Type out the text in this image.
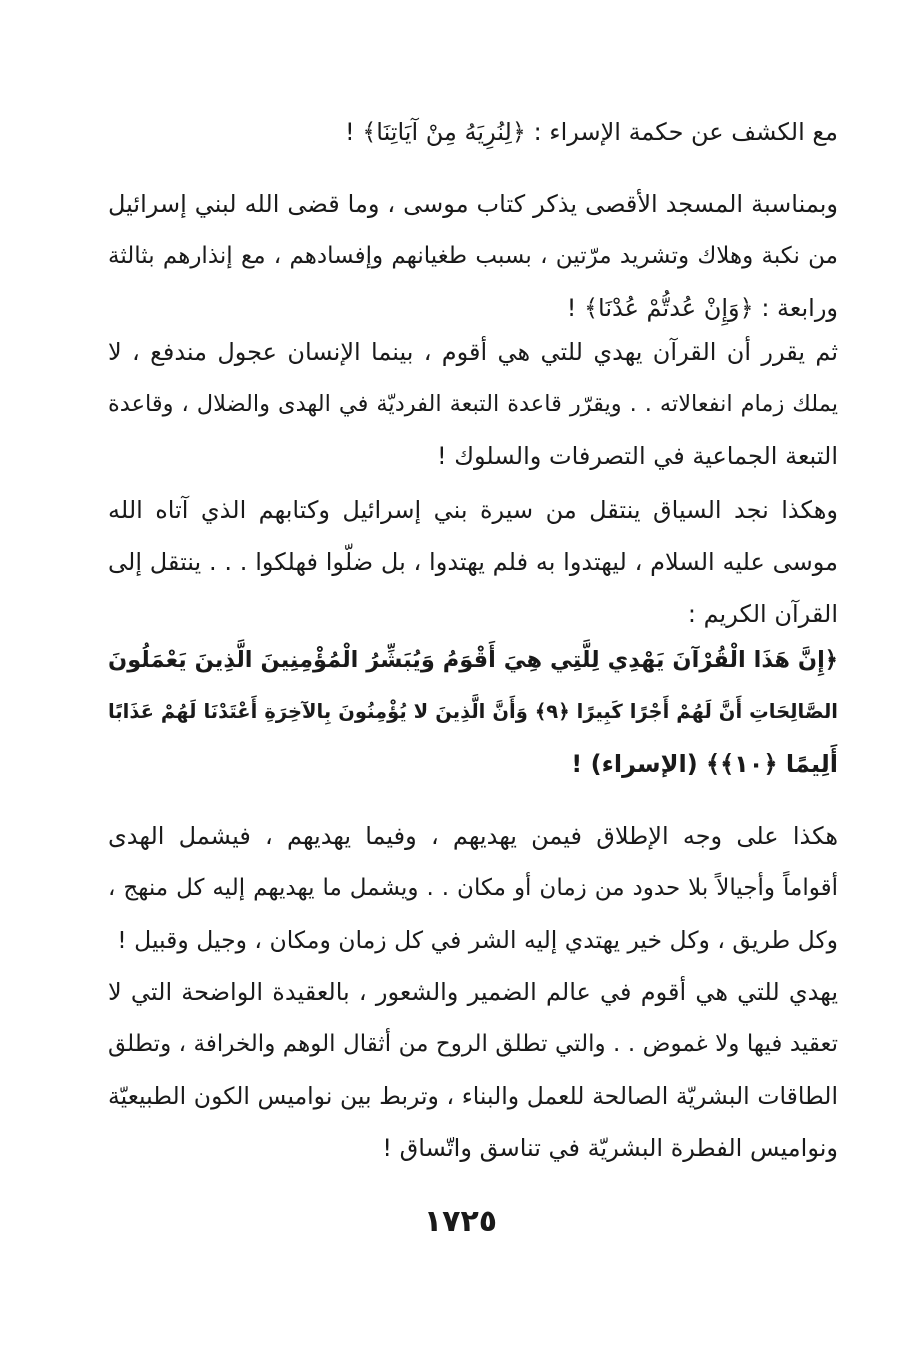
مع الكشف عن حكمة الإسراء : ﴿لِنُرِيَهُ مِنْ آيَاتِنَا﴾ !
وبمناسبة المسجد الأقصى يذكر كتاب موسى ، وما قضى الله لبني إسرائيل
من نكبة وهلاك وتشريد مرّتين ، بسبب طغيانهم وإفسادهم ، مع إنذارهم بثالثة
ورابعة : ﴿وَإِنْ عُدتُّمْ عُدْنَا﴾ !
ثم يقرر أن القرآن يهدي للتي هي أقوم ، بينما الإنسان عجول مندفع ، لا
يملك زمام انفعالاته . . ويقرّر قاعدة التبعة الفرديّة في الهدى والضلال ، وقاعدة
التبعة الجماعية في التصرفات والسلوك !
وهكذا نجد السياق ينتقل من سيرة بني إسرائيل وكتابهم الذي آتاه الله
موسى عليه السلام ، ليهتدوا به فلم يهتدوا ، بل ضلّوا فهلكوا . . . ينتقل إلى
القرآن الكريم :
﴿إِنَّ هَذَا الْقُرْآنَ يَهْدِي لِلَّتِي هِيَ أَقْوَمُ وَيُبَشِّرُ الْمُؤْمِنِينَ الَّذِينَ يَعْمَلُونَ
الصَّالِحَاتِ أَنَّ لَهُمْ أَجْرًا كَبِيرًا ﴿٩﴾ وَأَنَّ الَّذِينَ لا يُؤْمِنُونَ بِالآخِرَةِ أَعْتَدْنَا لَهُمْ عَذَابًا
أَلِيمًا ﴿١٠﴾﴾ (الإسراء) !
هكذا على وجه الإطلاق فيمن يهديهم ، وفيما يهديهم ، فيشمل الهدى
أقواماً وأجيالاً بلا حدود من زمان أو مكان . . ويشمل ما يهديهم إليه كل منهج ،
وكل طريق ، وكل خير يهتدي إليه الشر في كل زمان ومكان ، وجيل وقبيل !
يهدي للتي هي أقوم في عالم الضمير والشعور ، بالعقيدة الواضحة التي لا
تعقيد فيها ولا غموض . . والتي تطلق الروح من أثقال الوهم والخرافة ، وتطلق
الطاقات البشريّة الصالحة للعمل والبناء ، وتربط بين نواميس الكون الطبيعيّة
ونواميس الفطرة البشريّة في تناسق واتّساق !
١٧٢٥
